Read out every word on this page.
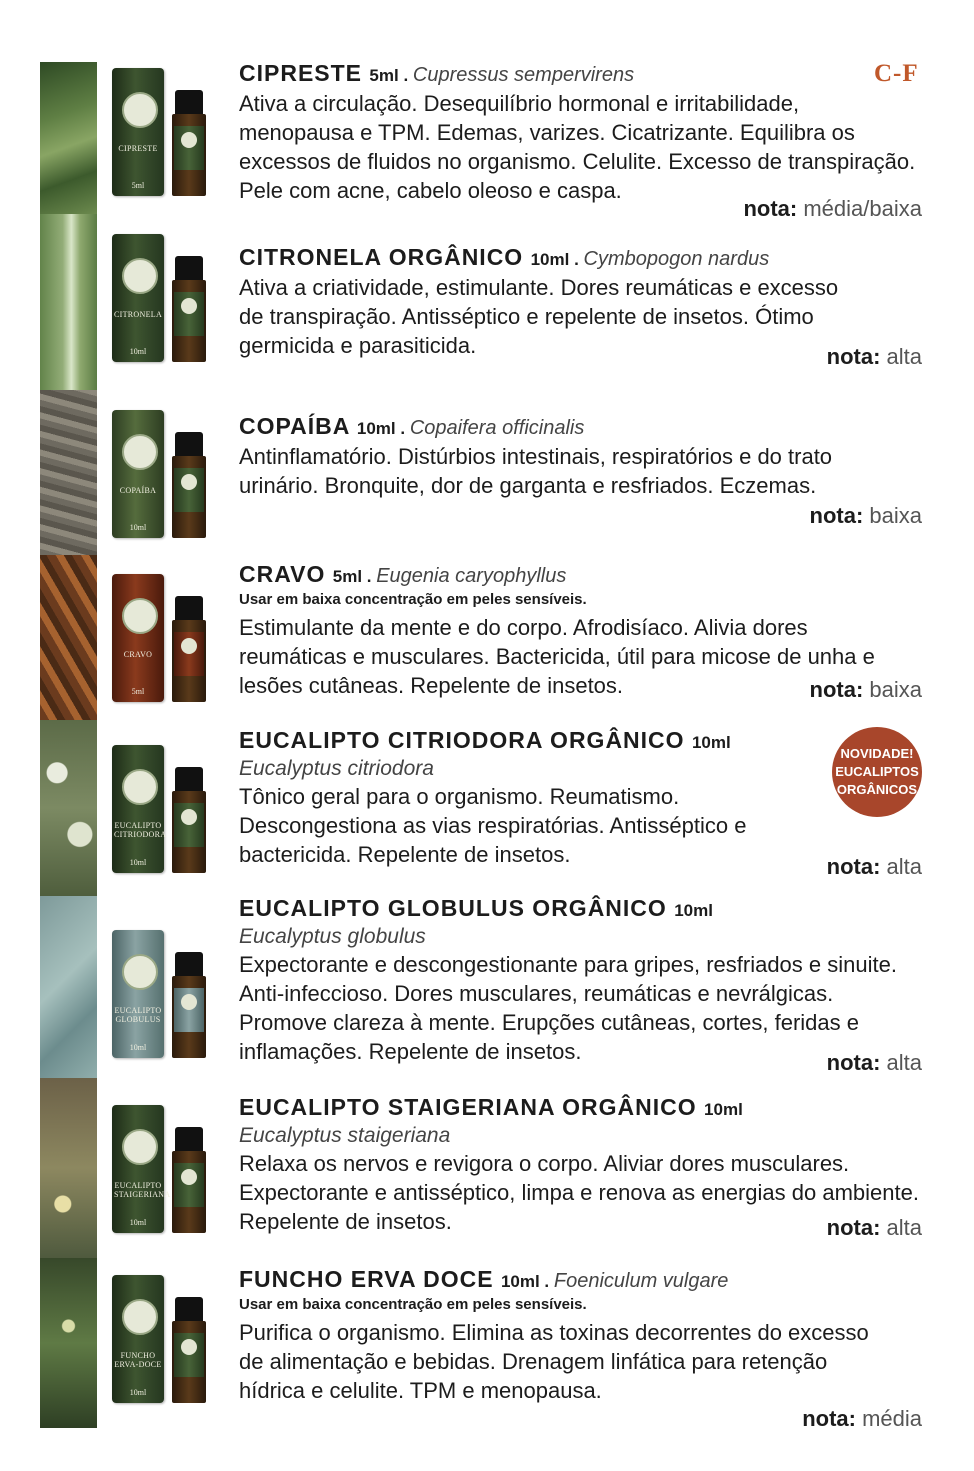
CIPRESTE
5ml
CITRONELA
10ml
COPAÍBA
10ml
CRAVO
5ml
EUCALIPTO CITRIODORA
10ml
EUCALIPTO GLOBULUS
10ml
EUCALIPTO STAIGERIANA
10ml
FUNCHO ERVA-DOCE
10ml
C-F
CIPRESTE 5ml . Cupressus sempervirens
Ativa a circulação. Desequilíbrio hormonal e irritabilidade, menopausa e TPM. Edemas, varizes. Cicatrizante. Equilibra os excessos de fluidos no organismo. Celulite. Excesso de transpiração. Pele com acne, cabelo oleoso e caspa.
nota: média/baixa
CITRONELA ORGÂNICO 10ml . Cymbopogon nardus
Ativa a criatividade, estimulante. Dores reumáticas e excesso de transpiração. Antisséptico e repelente de insetos. Ótimo germicida e parasiticida.	nota: alta
COPAÍBA 10ml . Copaifera officinalis
Antinflamatório. Distúrbios intestinais, respiratórios e do trato urinário. Bronquite, dor de garganta e resfriados. Eczemas.
nota: baixa
CRAVO 5ml . Eugenia caryophyllus
Usar em baixa concentração em peles sensíveis.
Estimulante da mente e do corpo. Afrodisíaco. Alivia dores reumáticas e musculares. Bactericida, útil para micose de unha e lesões cutâneas. Repelente de insetos.	nota: baixa
EUCALIPTO CITRIODORA ORGÂNICO 10ml
Eucalyptus citriodora
Tônico geral para o organismo. Reumatismo. Descongestiona as vias respiratórias. Antisséptico e bactericida. Repelente de insetos.	nota: alta
NOVIDADE!
EUCALIPTOS
ORGÂNICOS
EUCALIPTO GLOBULUS ORGÂNICO 10ml
Eucalyptus globulus
Expectorante e descongestionante para gripes, resfriados e sinuite. Anti-infeccioso. Dores musculares, reumáticas e nevrálgicas. Promove clareza à mente. Erupções cutâneas, cortes, feridas e inflamações. Repelente de insetos.	nota: alta
EUCALIPTO STAIGERIANA ORGÂNICO 10ml
Eucalyptus staigeriana
Relaxa os nervos e revigora o corpo. Aliviar dores musculares. Expectorante e antisséptico, limpa e renova as energias do ambiente. Repelente de insetos.	nota: alta
FUNCHO ERVA DOCE 10ml . Foeniculum vulgare
Usar em baixa concentração em peles sensíveis.
Purifica o organismo. Elimina as toxinas decorrentes do excesso de alimentação e bebidas. Drenagem linfática para retenção hídrica e celulite. TPM e menopausa.
nota: média
